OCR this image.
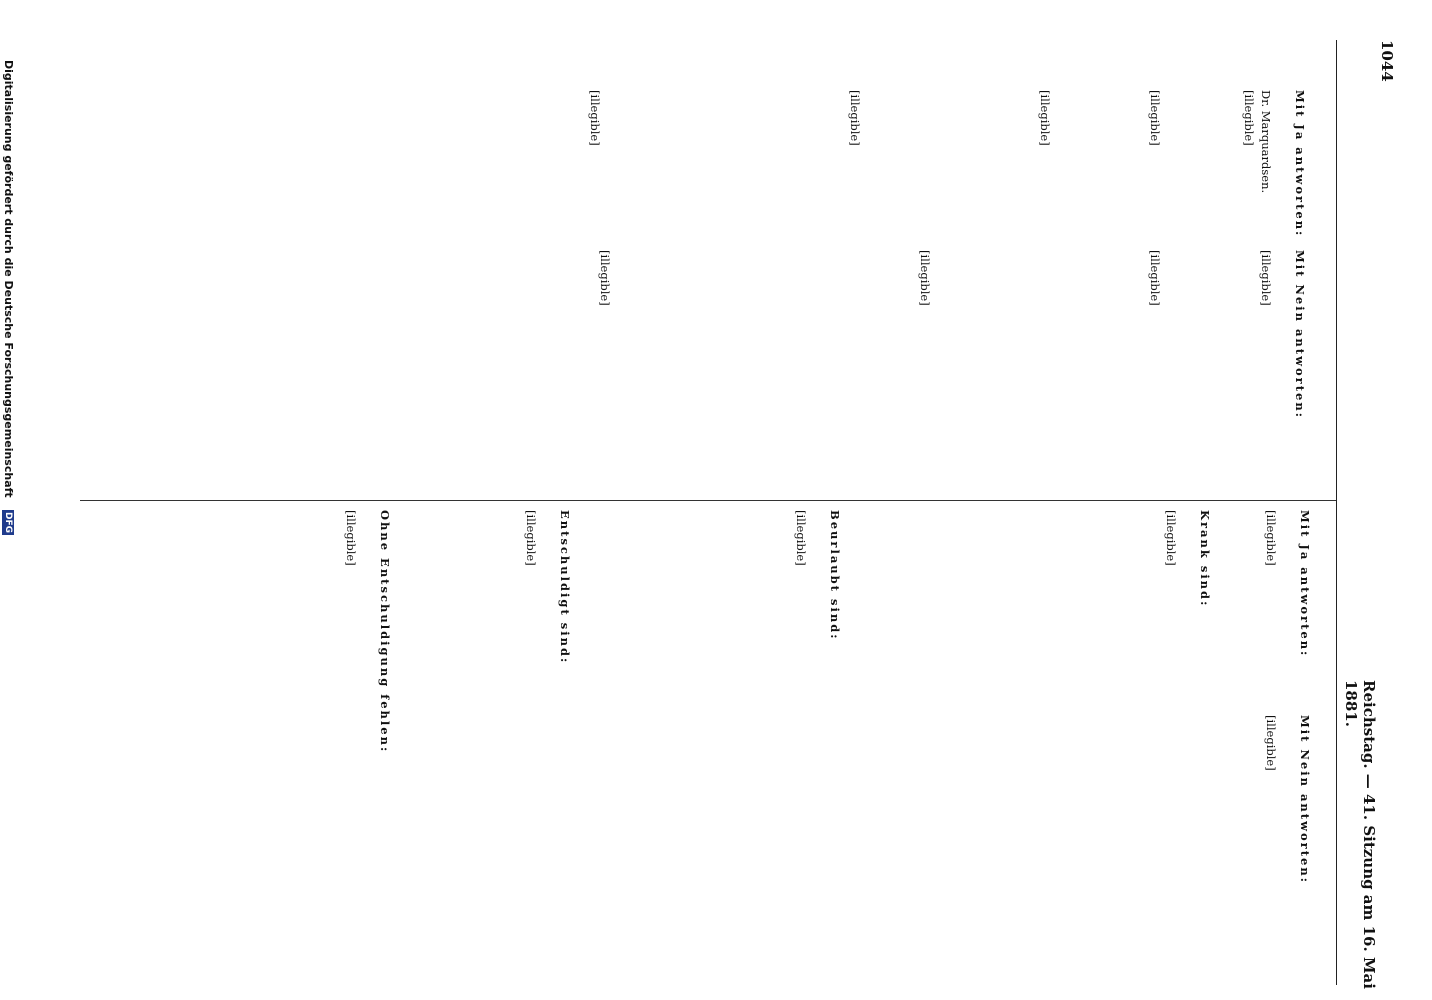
1044 Reichstag. — 41. Sitzung am 16. Mai 1881.

Mit Ja antworten:

Dr. Marquardsen.
[illegible]

[illegible]

[illegible]

[illegible]

[illegible]

Mit Nein antworten:

[illegible]

[illegible]

[illegible]

[illegible]

Mit Ja antworten:

[illegible]

Mit Nein antworten:

[illegible]

Krank sind:

[illegible]

Beurlaubt sind:

[illegible]

Entschuldigt sind:

[illegible]

Ohne Entschuldigung fehlen:

[illegible]

Digitalisierung gefördert durch die Deutsche Forschungsgemeinschaft DFG
